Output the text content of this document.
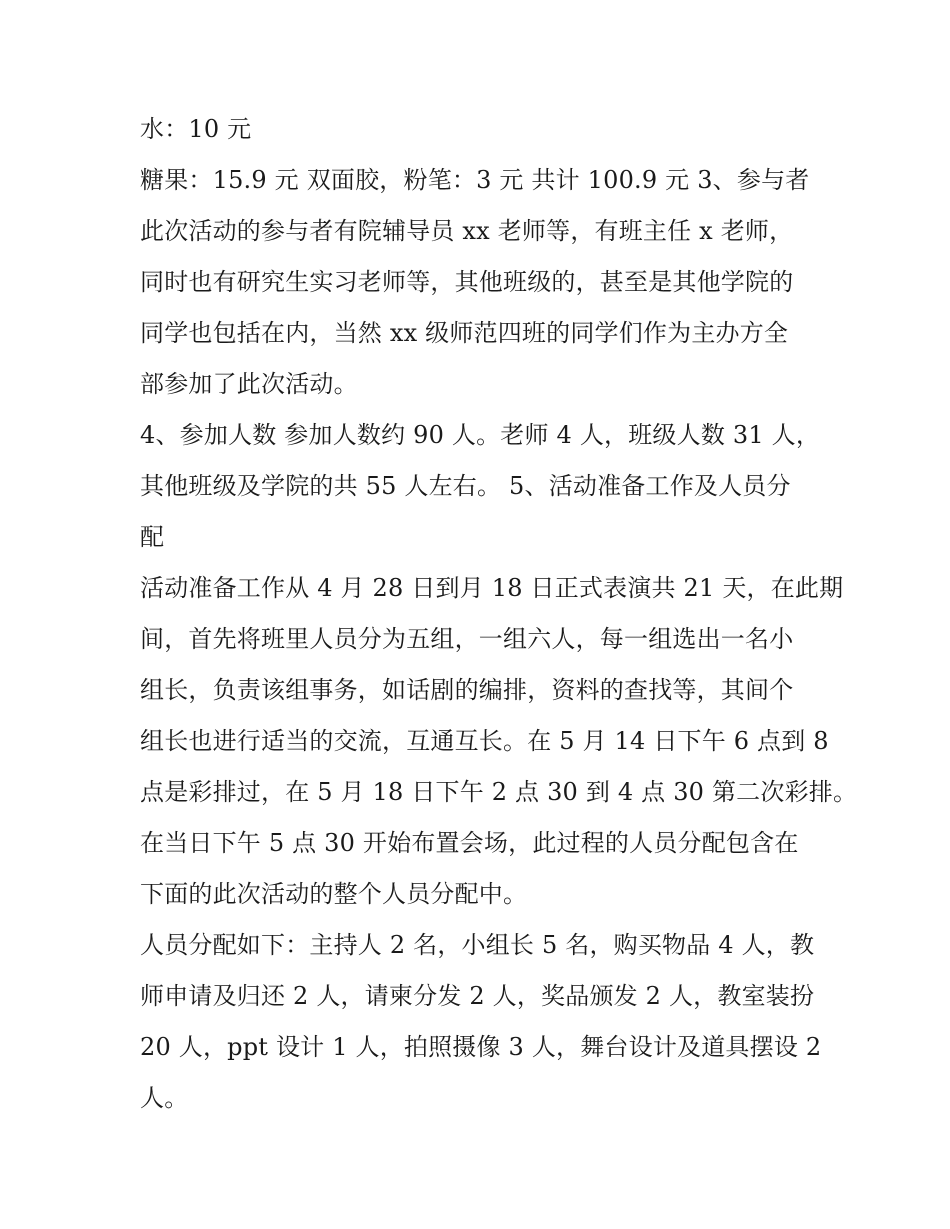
水：10 元

糖果：15.9 元 双面胶，粉笔：3 元 共计 100.9 元 3、参与者

此次活动的参与者有院辅导员 xx 老师等，有班主任 x 老师，

同时也有研究生实习老师等，其他班级的，甚至是其他学院的

同学也包括在内，当然 xx 级师范四班的同学们作为主办方全

部参加了此次活动。

4、参加人数 参加人数约 90 人。老师 4 人，班级人数 31 人，

其他班级及学院的共 55 人左右。 5、活动准备工作及人员分

配

活动准备工作从 4 月 28 日到月 18 日正式表演共 21 天，在此期

间，首先将班里人员分为五组，一组六人，每一组选出一名小

组长，负责该组事务，如话剧的编排，资料的查找等，其间个

组长也进行适当的交流，互通互长。在 5 月 14 日下午 6 点到 8

点是彩排过，在 5 月 18 日下午 2 点 30 到 4 点 30 第二次彩排。

在当日下午 5 点 30 开始布置会场，此过程的人员分配包含在

下面的此次活动的整个人员分配中。

人员分配如下：主持人 2 名，小组长 5 名，购买物品 4 人，教

师申请及归还 2 人，请柬分发 2 人，奖品颁发 2 人，教室装扮

20 人，ppt 设计 1 人，拍照摄像 3 人，舞台设计及道具摆设 2

人。
